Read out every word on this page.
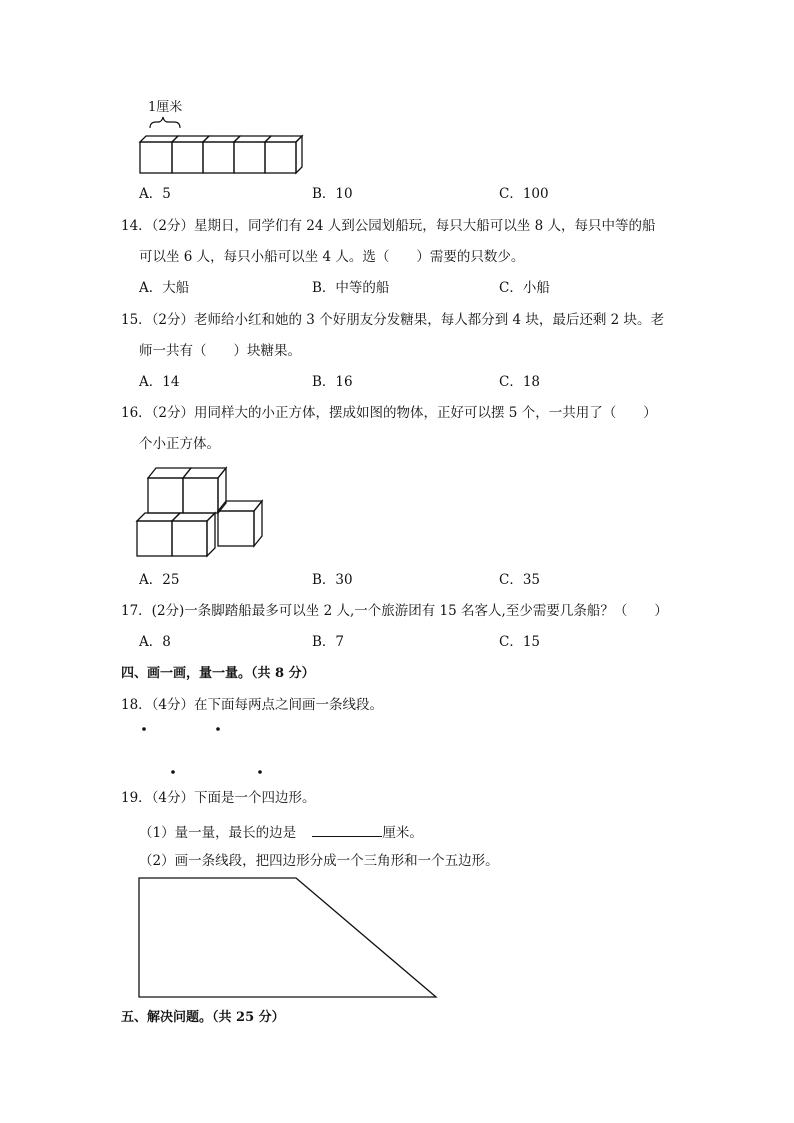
1厘米
A．5	B．10	C．100
14．（2分）星期日，同学们有 24 人到公园划船玩，每只大船可以坐 8 人，每只中等的船
可以坐 6 人，每只小船可以坐 4 人。选（　　）需要的只数少。
A．大船	B．中等的船	C．小船
15．（2分）老师给小红和她的 3 个好朋友分发糖果，每人都分到 4 块，最后还剩 2 块。老
师一共有（　　）块糖果。
A．14	B．16	C．18
16．（2分）用同样大的小正方体，摆成如图的物体，正好可以摆 5 个，一共用了（　　）
个小正方体。
A．25	B．30	C．35
17．(2分)一条脚踏船最多可以坐 2 人,一个旅游团有 15 名客人,至少需要几条船？（　　）
A．8	B．7	C．15
四、画一画，量一量。（共 8 分）
18．（4分）在下面每两点之间画一条线段。
19．（4分）下面是一个四边形。
（1）量一量，最长的边是	厘米。
（2）画一条线段，把四边形分成一个三角形和一个五边形。
五、解决问题。（共 25 分）
